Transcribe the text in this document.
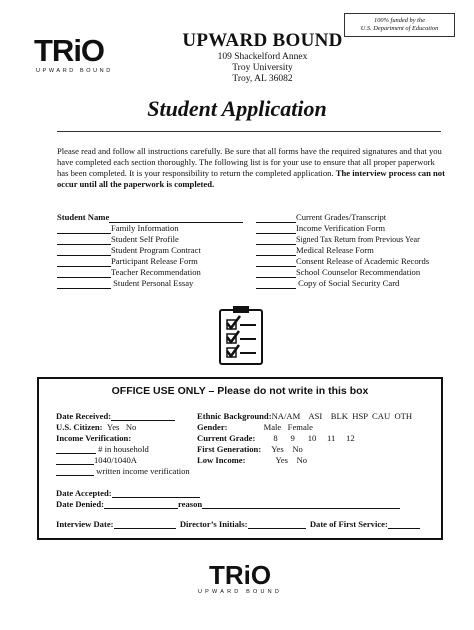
100% funded by the
U.S. Department of Education
TRiO
UPWARD BOUND
UPWARD BOUND
109 Shackelford Annex
Troy University
Troy, AL 36082
Student Application
Please read and follow all instructions carefully. Be sure that all forms have the required signatures and that you have completed each section thoroughly. The following list is for your use to ensure that all proper paperwork has been completed. It is your responsibility to return the completed application. The interview process can not occur until all the paperwork is completed.
Student Name
Family Information
Student Self Profile
Student Program Contract
Participant Release Form
Teacher Recommendation
Student Personal Essay
Current Grades/Transcript
Income Verification Form
Signed Tax Return from Previous Year
Medical Release Form
Consent Release of Academic Records
School Counselor Recommendation
Copy of Social Security Card
OFFICE USE ONLY – Please do not write in this box
Date Received:
U.S. Citizen: Yes No
Income Verification:
# in household
1040/1040A
written income verification
Ethnic Background:NA/AM    ASI    BLK  HSP  CAU  OTH
Gender:	Male   Female
Current Grade: 8      9      10     11     12
First Generation: Yes No
Low Income:	Yes No
Date Accepted:
Date Denied:	reason
Interview Date:	Director’s Initials:	Date of First Service:
TRiO
UPWARD BOUND
